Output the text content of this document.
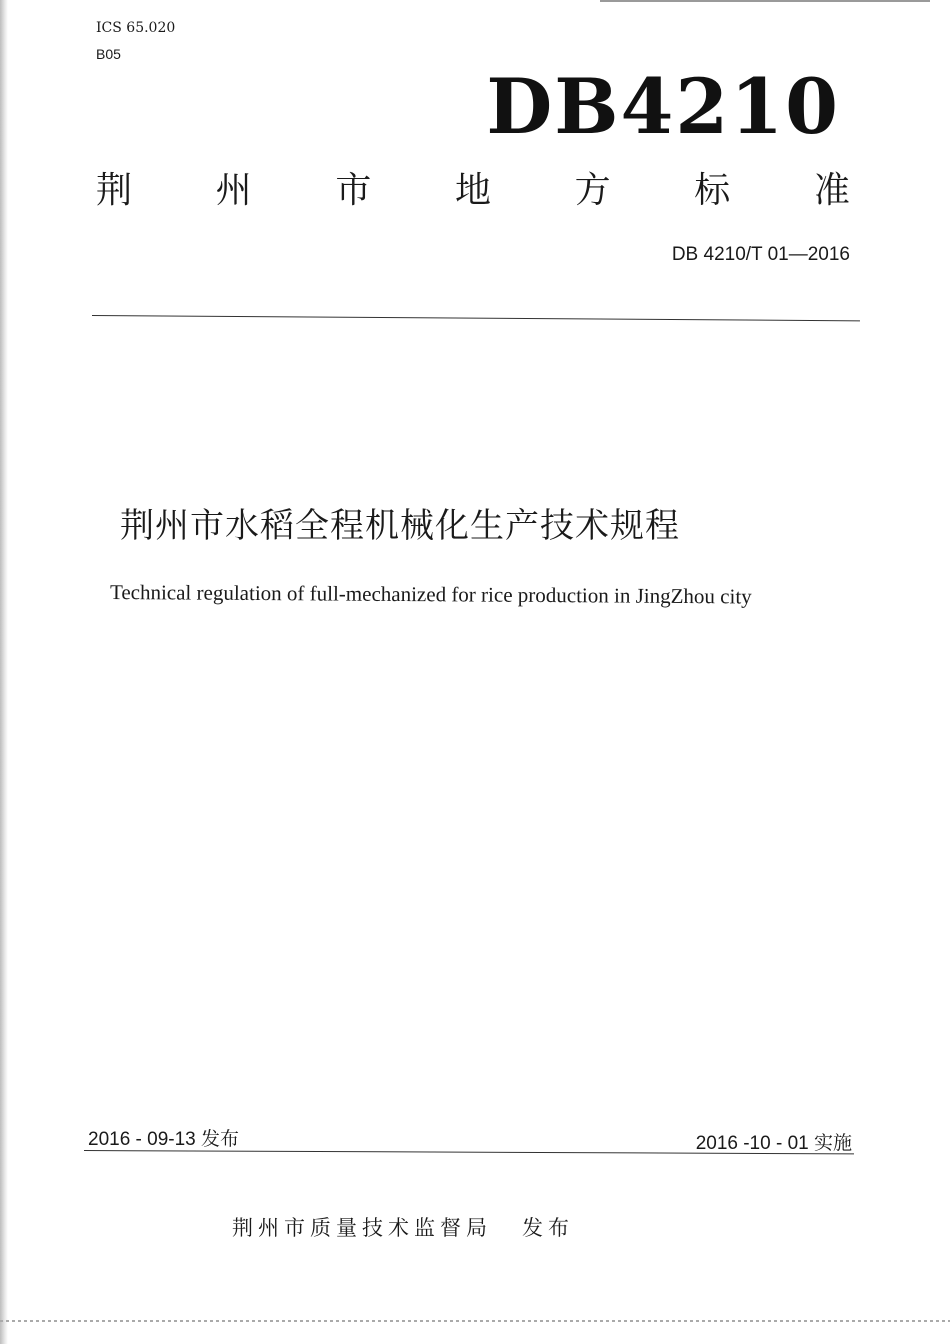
ICS 65.020
B05
DB4210
荆 州 市 地 方 标 准
DB 4210/T 01—2016
荆州市水稻全程机械化生产技术规程
Technical regulation of full-mechanized for rice production in JingZhou city
2016 - 09-13 发布	2016 -10 - 01 实施
荆州市质量技术监督局 发布
